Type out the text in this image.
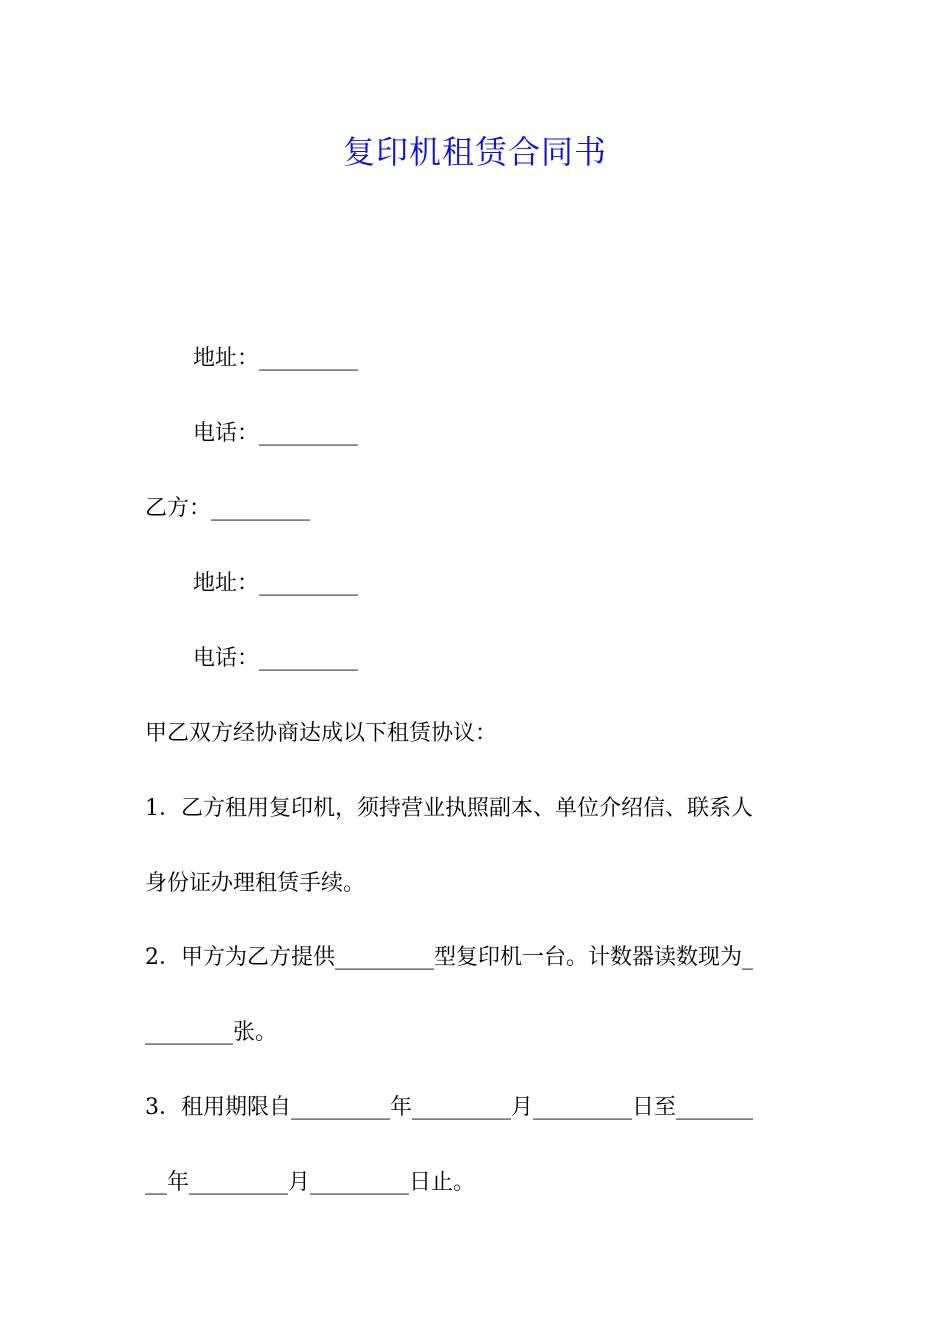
复印机租赁合同书
地址：_________
电话：_________
乙方：_________
地址：_________
电话：_________
甲乙双方经协商达成以下租赁协议：
1．乙方租用复印机，须持营业执照副本、单位介绍信、联系人
身份证办理租赁手续。
2．甲方为乙方提供_________型复印机一台。计数器读数现为_
________张。
3．租用期限自_________年_________月_________日至_______
__年_________月_________日止。
